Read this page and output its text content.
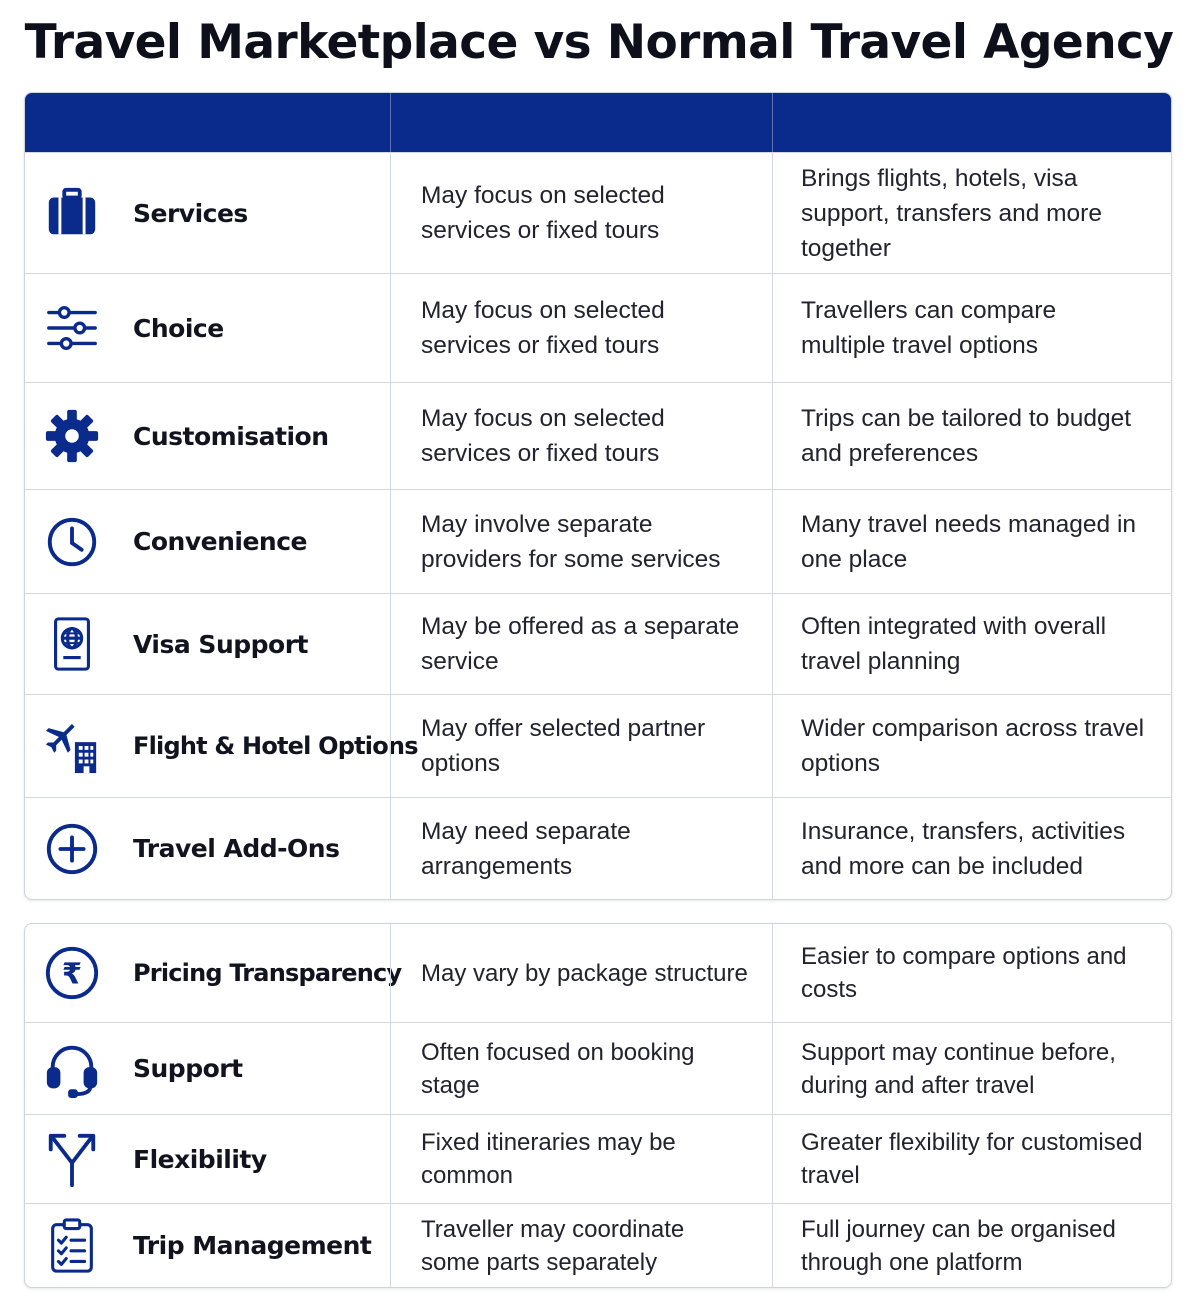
Travel Marketplace vs Normal Travel Agency
Services
May focus on selected services or fixed tours
Brings flights, hotels, visa support, transfers and more together
Choice
May focus on selected services or fixed tours
Travellers can compare multiple travel options
Customisation
May focus on selected services or fixed tours
Trips can be tailored to budget and preferences
Convenience
May involve separate providers for some services
Many travel needs managed in one place
Visa Support
May be offered as a separate service
Often integrated with overall travel planning
Flight & Hotel Options
May offer selected partner options
Wider comparison across travel options
Travel Add-Ons
May need separate arrangements
Insurance, transfers, activities and more can be included
₹ Pricing Transparency May vary by package structure
Easier to compare options and costs
Support
Often focused on booking stage
Support may continue before, during and after travel
Flexibility
Fixed itineraries may be common
Greater flexibility for customised travel
Trip Management
Traveller may coordinate some parts separately
Full journey can be organised through one platform
